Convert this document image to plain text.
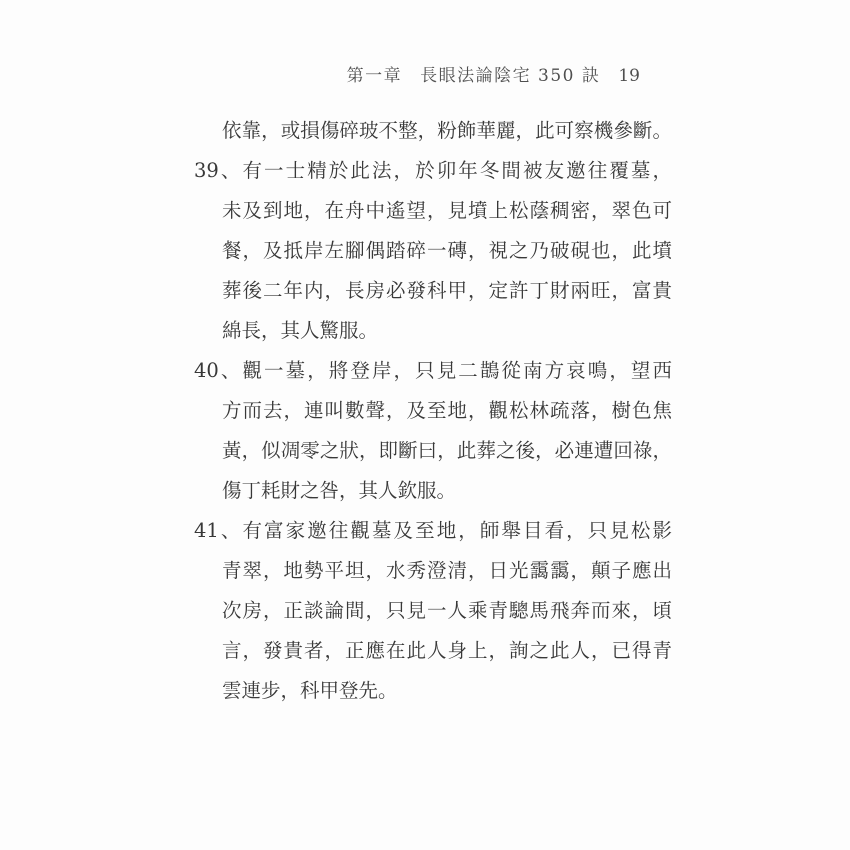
第一章 長眼法論陰宅 350 訣 19
依靠，或損傷碎玻不整，粉飾華麗，此可察機參斷。
39、有一士精於此法，於卯年冬間被友邀往覆墓，
未及到地，在舟中遙望，見墳上松蔭稠密，翠色可
餐，及抵岸左腳偶踏碎一磚，視之乃破硯也，此墳
葬後二年内，長房必發科甲，定許丁財兩旺，富貴
綿長，其人驚服。
40、觀一墓，將登岸，只見二鵲從南方哀鳴，望西
方而去，連叫數聲，及至地，觀松林疏落，樹色焦
黃，似凋零之狀，即斷曰，此葬之後，必連遭回祿，
傷丁耗財之咎，其人欽服。
41、有富家邀往觀墓及至地，師舉目看，只見松影
青翠，地勢平坦，水秀澄清，日光靄靄，顛子應出
次房，正談論間，只見一人乘青驄馬飛奔而來，頃
言，發貴者，正應在此人身上，詢之此人，已得青
雲連步，科甲登先。
